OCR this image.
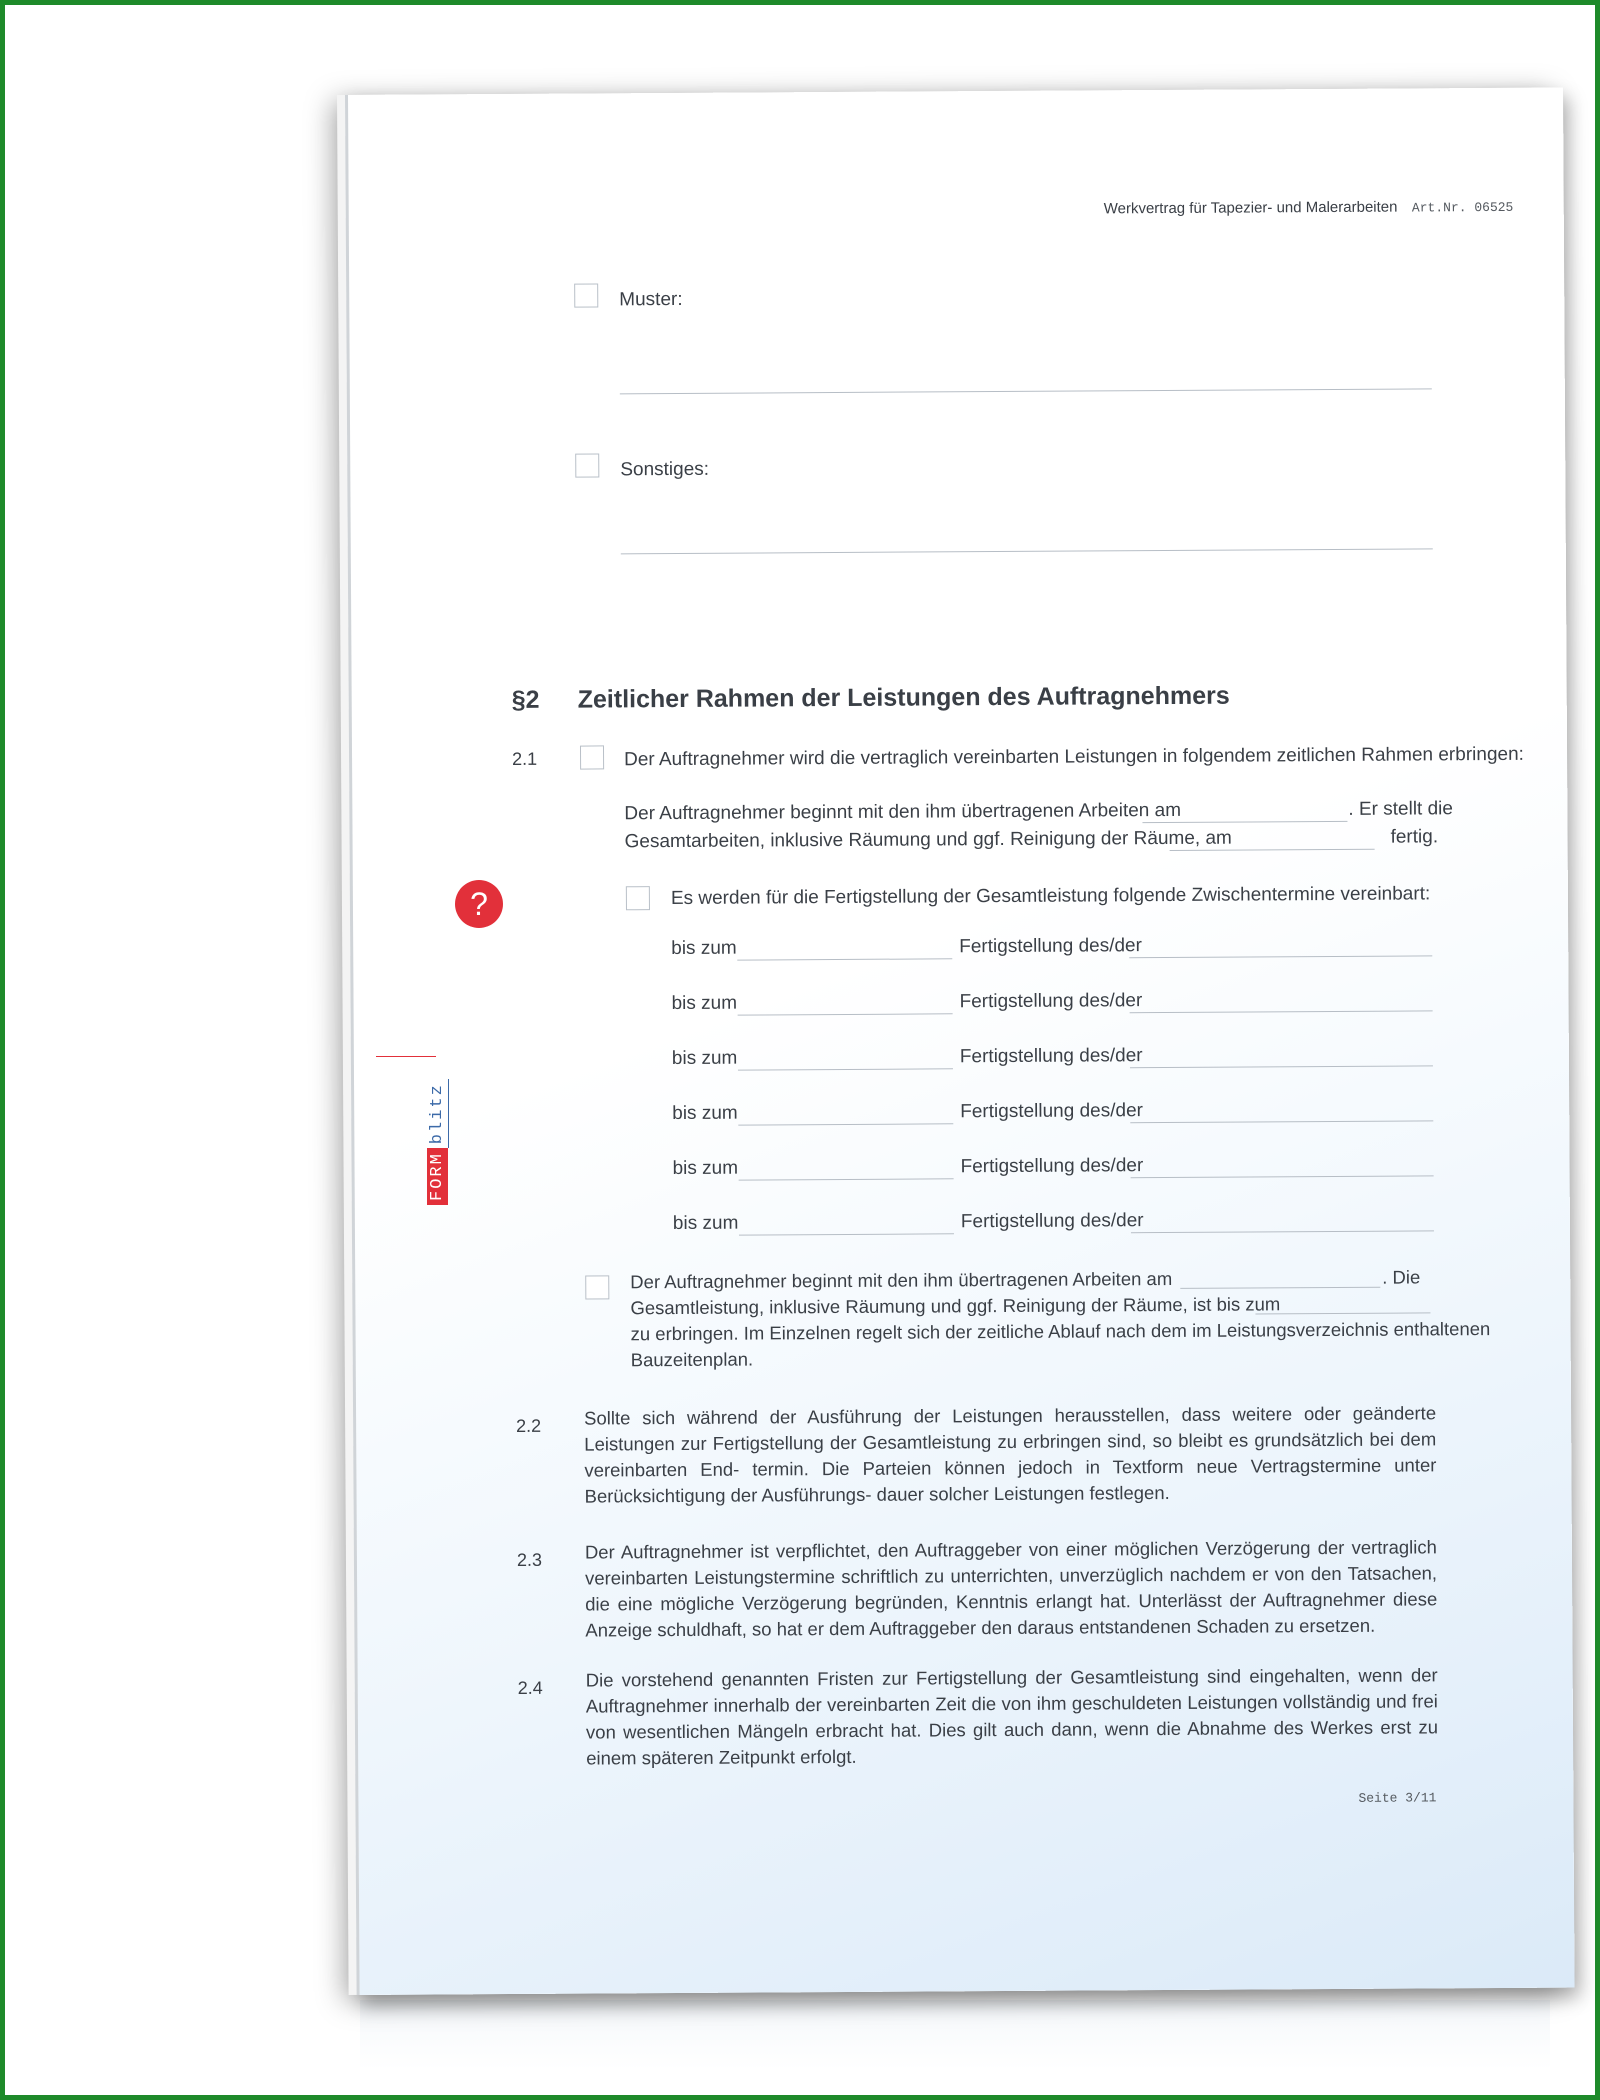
Werkvertrag für Tapezier- und Malerarbeiten Art.Nr. 06525
Muster:
Sonstiges:
§2 Zeitlicher Rahmen der Leistungen des Auftragnehmers
2.1	Der Auftragnehmer wird die vertraglich vereinbarten Leistungen in folgendem zeitlichen Rahmen erbringen:
Der Auftragnehmer beginnt mit den ihm übertragenen Arbeiten am	. Er stellt die
Gesamtarbeiten, inklusive Räumung und ggf. Reinigung der Räume, am	fertig.
Es werden für die Fertigstellung der Gesamtleistung folgende Zwischentermine vereinbart:
bis zum	Fertigstellung des/der
bis zum	Fertigstellung des/der
bis zum	Fertigstellung des/der
bis zum	Fertigstellung des/der
bis zum	Fertigstellung des/der
bis zum	Fertigstellung des/der
Der Auftragnehmer beginnt mit den ihm übertragenen Arbeiten am	. Die
Gesamtleistung, inklusive Räumung und ggf. Reinigung der Räume, ist bis zum
zu erbringen. Im Einzelnen regelt sich der zeitliche Ablauf nach dem im Leistungsverzeichnis enthaltenen
Bauzeitenplan.
2.2 Sollte sich während der Ausführung der Leistungen herausstellen, dass weitere oder geänderte Leistungen zur Fertigstellung der Gesamtleistung zu erbringen sind, so bleibt es grundsätzlich bei dem vereinbarten End- termin. Die Parteien können jedoch in Textform neue Vertragstermine unter Berücksichtigung der Ausführungs- dauer solcher Leistungen festlegen.
2.3 Der Auftragnehmer ist verpflichtet, den Auftraggeber von einer möglichen Verzögerung der vertraglich vereinbarten Leistungstermine schriftlich zu unterrichten, unverzüglich nachdem er von den Tatsachen, die eine mögliche Verzögerung begründen, Kenntnis erlangt hat. Unterlässt der Auftragnehmer diese Anzeige schuldhaft, so hat er dem Auftraggeber den daraus entstandenen Schaden zu ersetzen.
2.4 Die vorstehend genannten Fristen zur Fertigstellung der Gesamtleistung sind eingehalten, wenn der Auftragnehmer innerhalb der vereinbarten Zeit die von ihm geschuldeten Leistungen vollständig und frei von wesentlichen Mängeln erbracht hat. Dies gilt auch dann, wenn die Abnahme des Werkes erst zu einem späteren Zeitpunkt erfolgt.
Seite 3/11
?
FORMblitz
